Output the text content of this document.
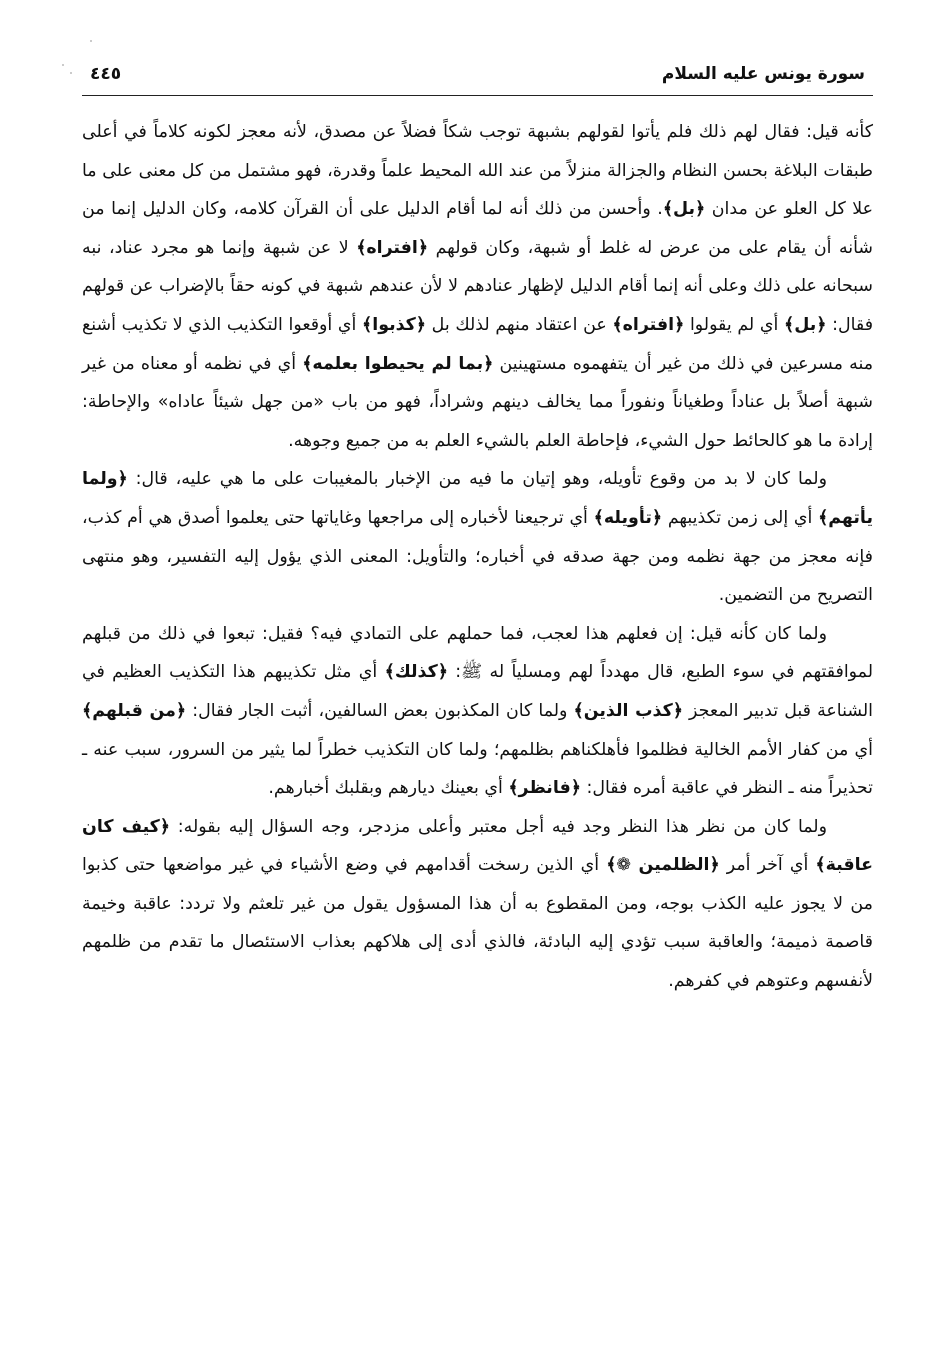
سورة يونس عليه السلام
٤٤٥

كأنه قيل: فقال لهم ذلك فلم يأتوا لقولهم بشبهة توجب شكاً فضلاً عن مصدق، لأنه معجز لكونه كلاماً في أعلى طبقات البلاغة بحسن النظام والجزالة منزلاً من عند الله المحيط علماً وقدرة، فهو مشتمل من كل معنى على ما علا كل العلو عن مدان ﴿بل﴾. وأحسن من ذلك أنه لما أقام الدليل على أن القرآن كلامه، وكان الدليل إنما من شأنه أن يقام على من عرض له غلط أو شبهة، وكان قولهم ﴿افتراه﴾ لا عن شبهة وإنما هو مجرد عناد، نبه سبحانه على ذلك وعلى أنه إنما أقام الدليل لإظهار عنادهم لا لأن عندهم شبهة في كونه حقاً بالإضراب عن قولهم فقال: ﴿بل﴾ أي لم يقولوا ﴿افتراه﴾ عن اعتقاد منهم لذلك بل ﴿كذبوا﴾ أي أوقعوا التكذيب الذي لا تكذيب أشنع منه مسرعين في ذلك من غير أن يتفهموه مستهينين ﴿بما لم يحيطوا بعلمه﴾ أي في نظمه أو معناه من غير شبهة أصلاً بل عناداً وطغياناً ونفوراً مما يخالف دينهم وشراداً، فهو من باب «من جهل شيئاً عاداه» والإحاطة: إرادة ما هو كالحائط حول الشيء، فإحاطة العلم بالشيء العلم به من جميع وجوهه.

ولما كان لا بد من وقوع تأويله، وهو إتيان ما فيه من الإخبار بالمغيبات على ما هي عليه، قال: ﴿ولما يأتهم﴾ أي إلى زمن تكذيبهم ﴿تأويله﴾ أي ترجيعنا لأخباره إلى مراجعها وغاياتها حتى يعلموا أصدق هي أم كذب، فإنه معجز من جهة نظمه ومن جهة صدقه في أخباره؛ والتأويل: المعنى الذي يؤول إليه التفسير، وهو منتهى التصريح من التضمين.

ولما كان كأنه قيل: إن فعلهم هذا لعجب، فما حملهم على التمادي فيه؟ فقيل: تبعوا في ذلك من قبلهم لموافقتهم في سوء الطبع، قال مهدداً لهم ومسلياً له ﷺ: ﴿كذلك﴾ أي مثل تكذيبهم هذا التكذيب العظيم في الشناعة قبل تدبير المعجز ﴿كذب الذين﴾ ولما كان المكذبون بعض السالفين، أثبت الجار فقال: ﴿من قبلهم﴾ أي من كفار الأمم الخالية فظلموا فأهلكناهم بظلمهم؛ ولما كان التكذيب خطراً لما يثير من السرور، سبب عنه ـ تحذيراً منه ـ النظر في عاقبة أمره فقال: ﴿فانظر﴾ أي بعينك ديارهم وبقلبك أخبارهم.

ولما كان من نظر هذا النظر وجد فيه أجل معتبر وأعلى مزدجر، وجه السؤال إليه بقوله: ﴿كيف كان عاقبة﴾ أي آخر أمر ﴿الظلمين ❁﴾ أي الذين رسخت أقدامهم في وضع الأشياء في غير مواضعها حتى كذبوا من لا يجوز عليه الكذب بوجه، ومن المقطوع به أن هذا المسؤول يقول من غير تلعثم ولا تردد: عاقبة وخيمة قاصمة ذميمة؛ والعاقبة سبب تؤدي إليه البادئة، فالذي أدى إلى هلاكهم بعذاب الاستئصال ما تقدم من ظلمهم لأنفسهم وعتوهم في كفرهم.
